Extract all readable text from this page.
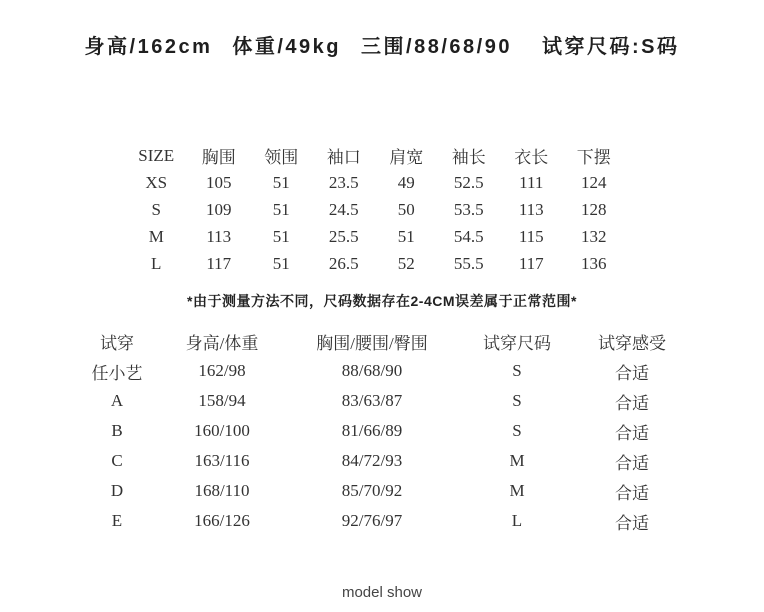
身高/162cm 体重/49kg 三围/88/68/90 试穿尺码:S码
SIZE	胸围	领围	袖口	肩宽	袖长	衣长	下摆
XS	105	51	23.5	49	52.5	111	124
S	109	51	24.5	50	53.5	113	128
M	113	51	25.5	51	54.5	115	132
L	117	51	26.5	52	55.5	117	136
*由于测量方法不同，尺码数据存在2-4CM误差属于正常范围*
试穿	身高/体重	胸围/腰围/臀围	试穿尺码	试穿感受
任小艺	162/98	88/68/90	S	合适
A	158/94	83/63/87	S	合适
B	160/100	81/66/89	S	合适
C	163/116	84/72/93	M	合适
D	168/110	85/70/92	M	合适
E	166/126	92/76/97	L	合适
model show
